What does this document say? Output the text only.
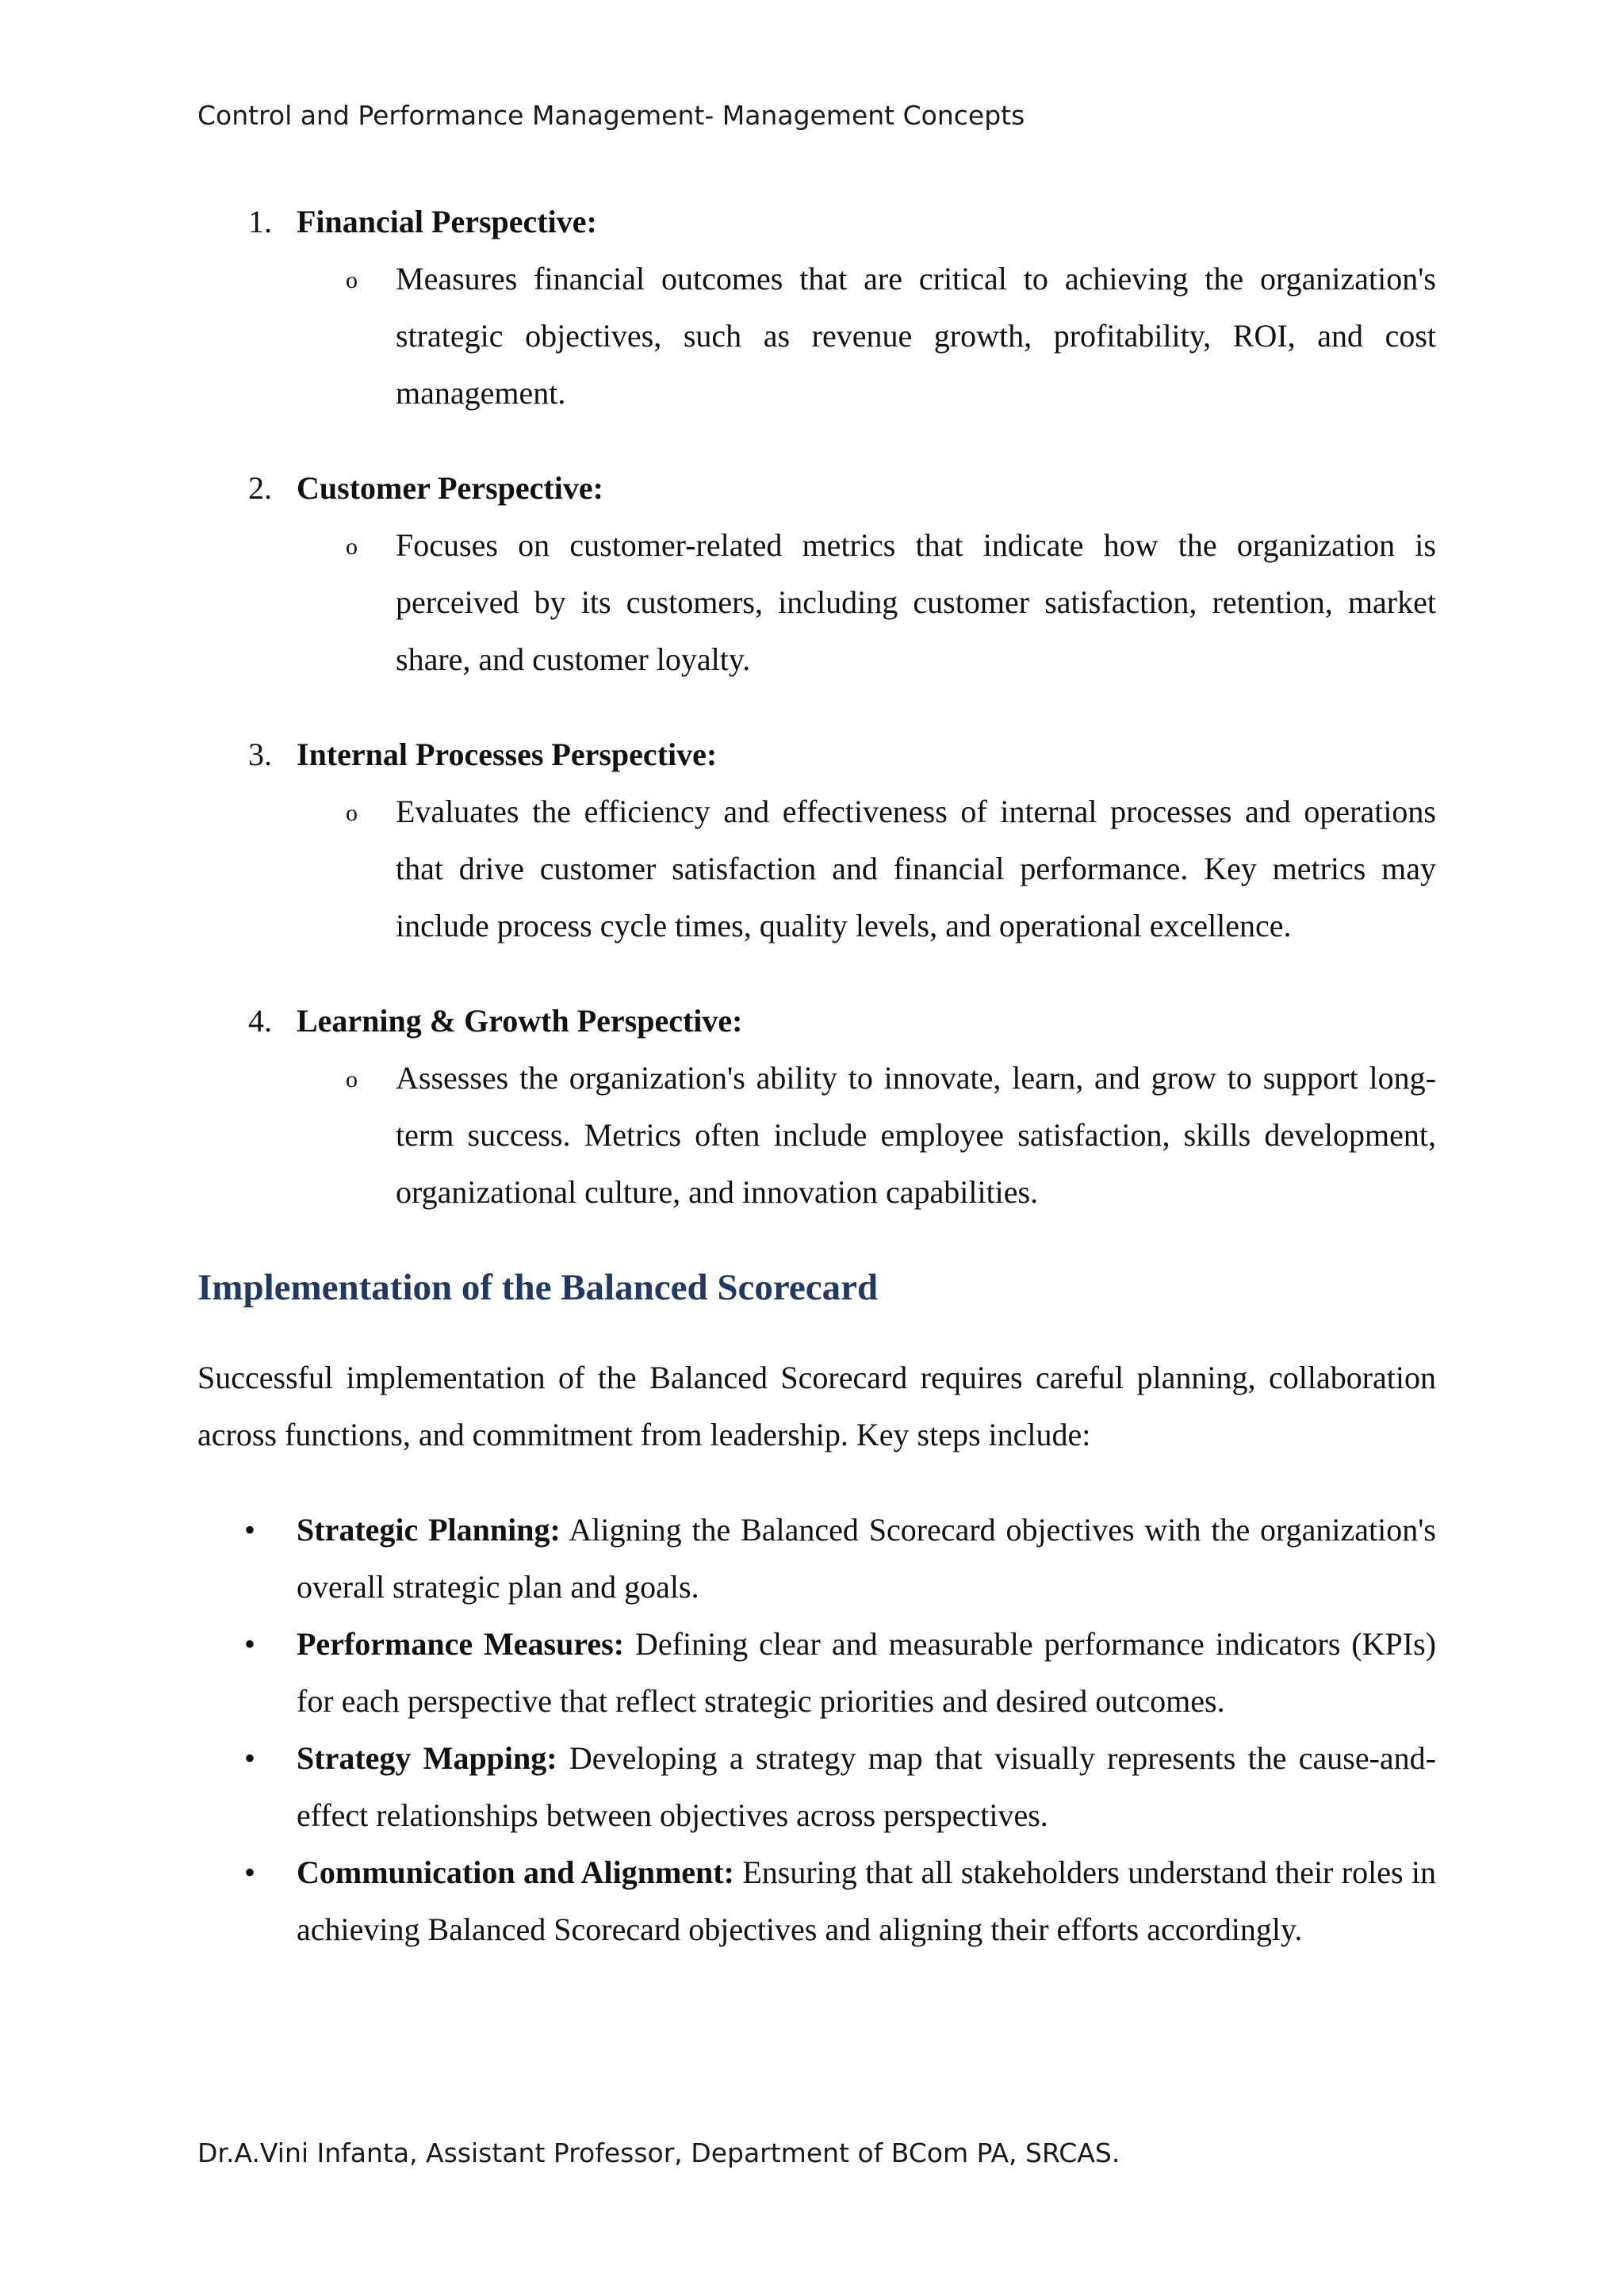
Control and Performance Management- Management Concepts
1. Financial Perspective:
o Measures financial outcomes that are critical to achieving the organization's strategic objectives, such as revenue growth, profitability, ROI, and cost management.
2. Customer Perspective:
o Focuses on customer-related metrics that indicate how the organization is perceived by its customers, including customer satisfaction, retention, market share, and customer loyalty.
3. Internal Processes Perspective:
o Evaluates the efficiency and effectiveness of internal processes and operations that drive customer satisfaction and financial performance. Key metrics may include process cycle times, quality levels, and operational excellence.
4. Learning & Growth Perspective:
o Assesses the organization's ability to innovate, learn, and grow to support long-term success. Metrics often include employee satisfaction, skills development, organizational culture, and innovation capabilities.
Implementation of the Balanced Scorecard
Successful implementation of the Balanced Scorecard requires careful planning, collaboration across functions, and commitment from leadership. Key steps include:
• Strategic Planning: Aligning the Balanced Scorecard objectives with the organization's overall strategic plan and goals.
• Performance Measures: Defining clear and measurable performance indicators (KPIs) for each perspective that reflect strategic priorities and desired outcomes.
• Strategy Mapping: Developing a strategy map that visually represents the cause-and-effect relationships between objectives across perspectives.
• Communication and Alignment: Ensuring that all stakeholders understand their roles in achieving Balanced Scorecard objectives and aligning their efforts accordingly.
Dr.A.Vini Infanta, Assistant Professor, Department of BCom PA, SRCAS.
